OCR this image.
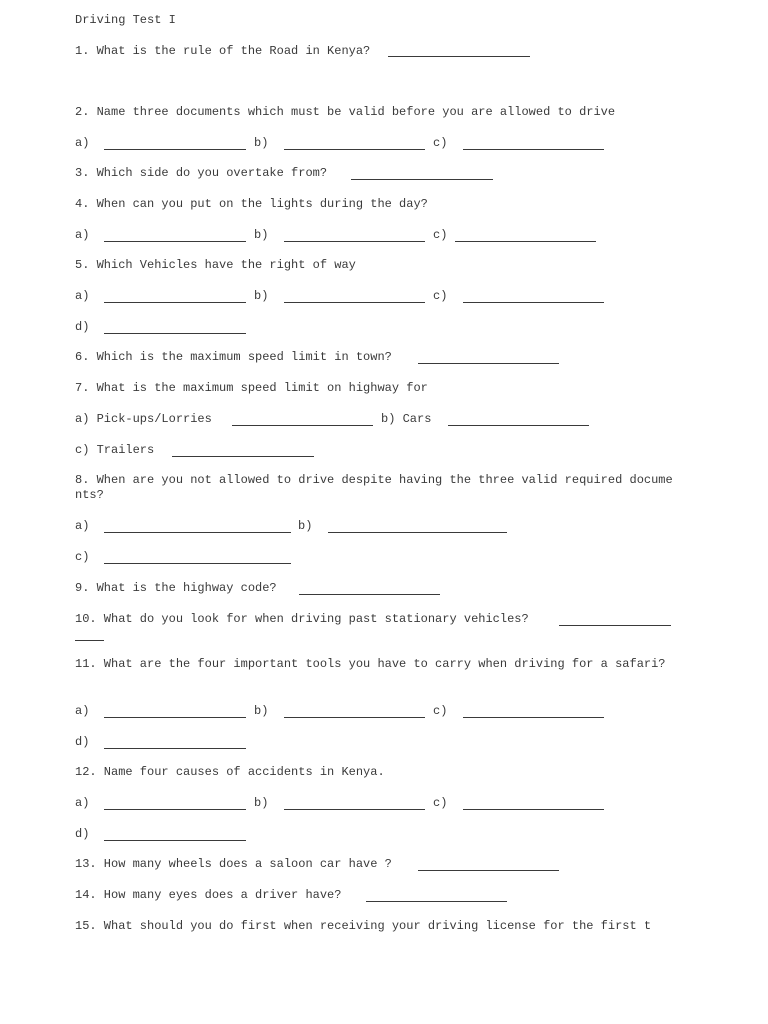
Driving Test I
1. What is the rule of the Road in Kenya?
2. Name three documents which must be valid before you are allowed to drive
a)	b)	c)
3. Which side do you overtake from?
4. When can you put on the lights during the day?
a)	b)	c)
5. Which Vehicles have the right of way
a)	b)	c)
d)
6. Which is the maximum speed limit in town?
7. What is the maximum speed limit on highway for
a) Pick-ups/Lorries	b) Cars
c) Trailers
8. When are you not allowed to drive despite having the three valid required documents?
a)	b)
c)
9. What is the highway code?
10. What do you look for when driving past stationary vehicles?
11. What are the four important tools you have to carry when driving for a safari?
a)	b)	c)
d)
12. Name four causes of accidents in Kenya.
a)	b)	c)
d)
13. How many wheels does a saloon car have ?
14. How many eyes does a driver have?
15. What should you do first when receiving your driving license for the first t
